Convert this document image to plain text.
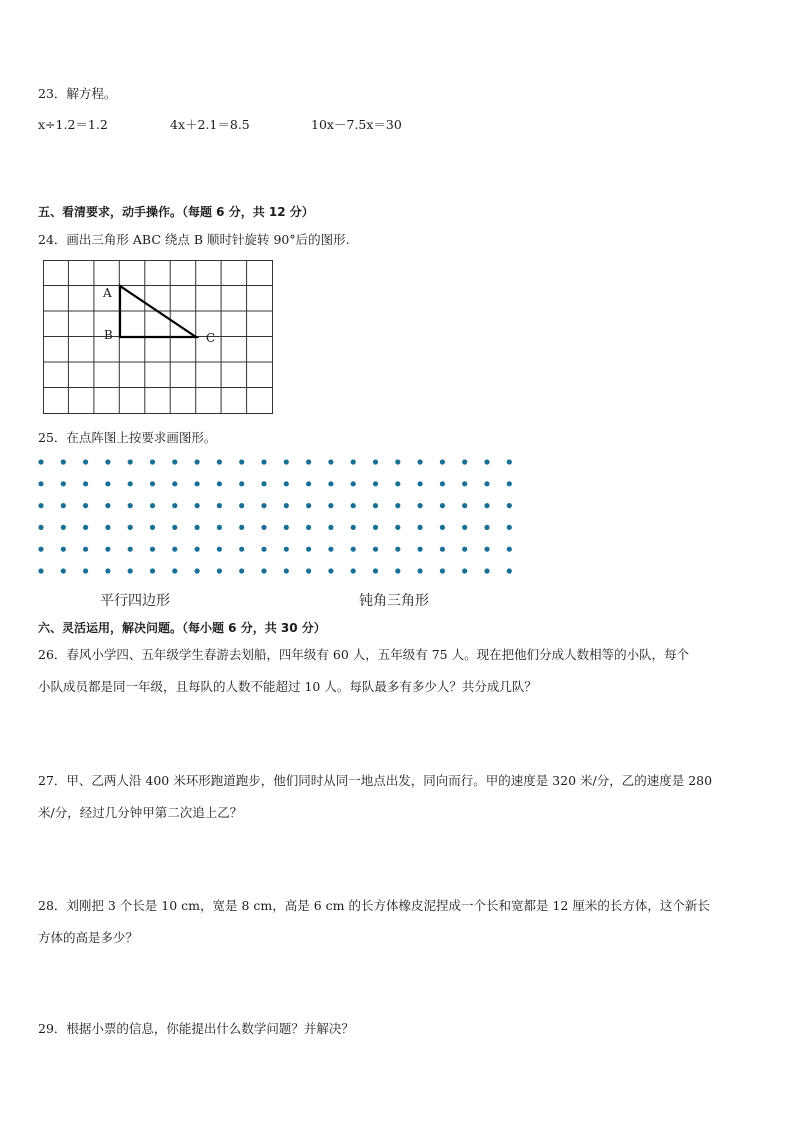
23．解方程。
x÷1.2＝1.2	4x＋2.1＝8.5	10x－7.5x＝30
五、看清要求，动手操作。（每题 6 分，共 12 分）
24．画出三角形 ABC 绕点 B 顺时针旋转 90°后的图形.
A
B	C
25．在点阵图上按要求画图形。
平行四边形	钝角三角形
六、灵活运用，解决问题。（每小题 6 分，共 30 分）
26．春风小学四、五年级学生春游去划船，四年级有 60 人，五年级有 75 人。现在把他们分成人数相等的小队，每个
小队成员都是同一年级，且每队的人数不能超过 10 人。每队最多有多少人？共分成几队？
27．甲、乙两人沿 400 米环形跑道跑步，他们同时从同一地点出发，同向而行。甲的速度是 320 米/分，乙的速度是 280
米/分，经过几分钟甲第二次追上乙？
28．刘刚把 3 个长是 10 cm，宽是 8 cm，高是 6 cm 的长方体橡皮泥捏成一个长和宽都是 12 厘米的长方体，这个新长
方体的高是多少？
29．根据小票的信息，你能提出什么数学问题？并解决？
